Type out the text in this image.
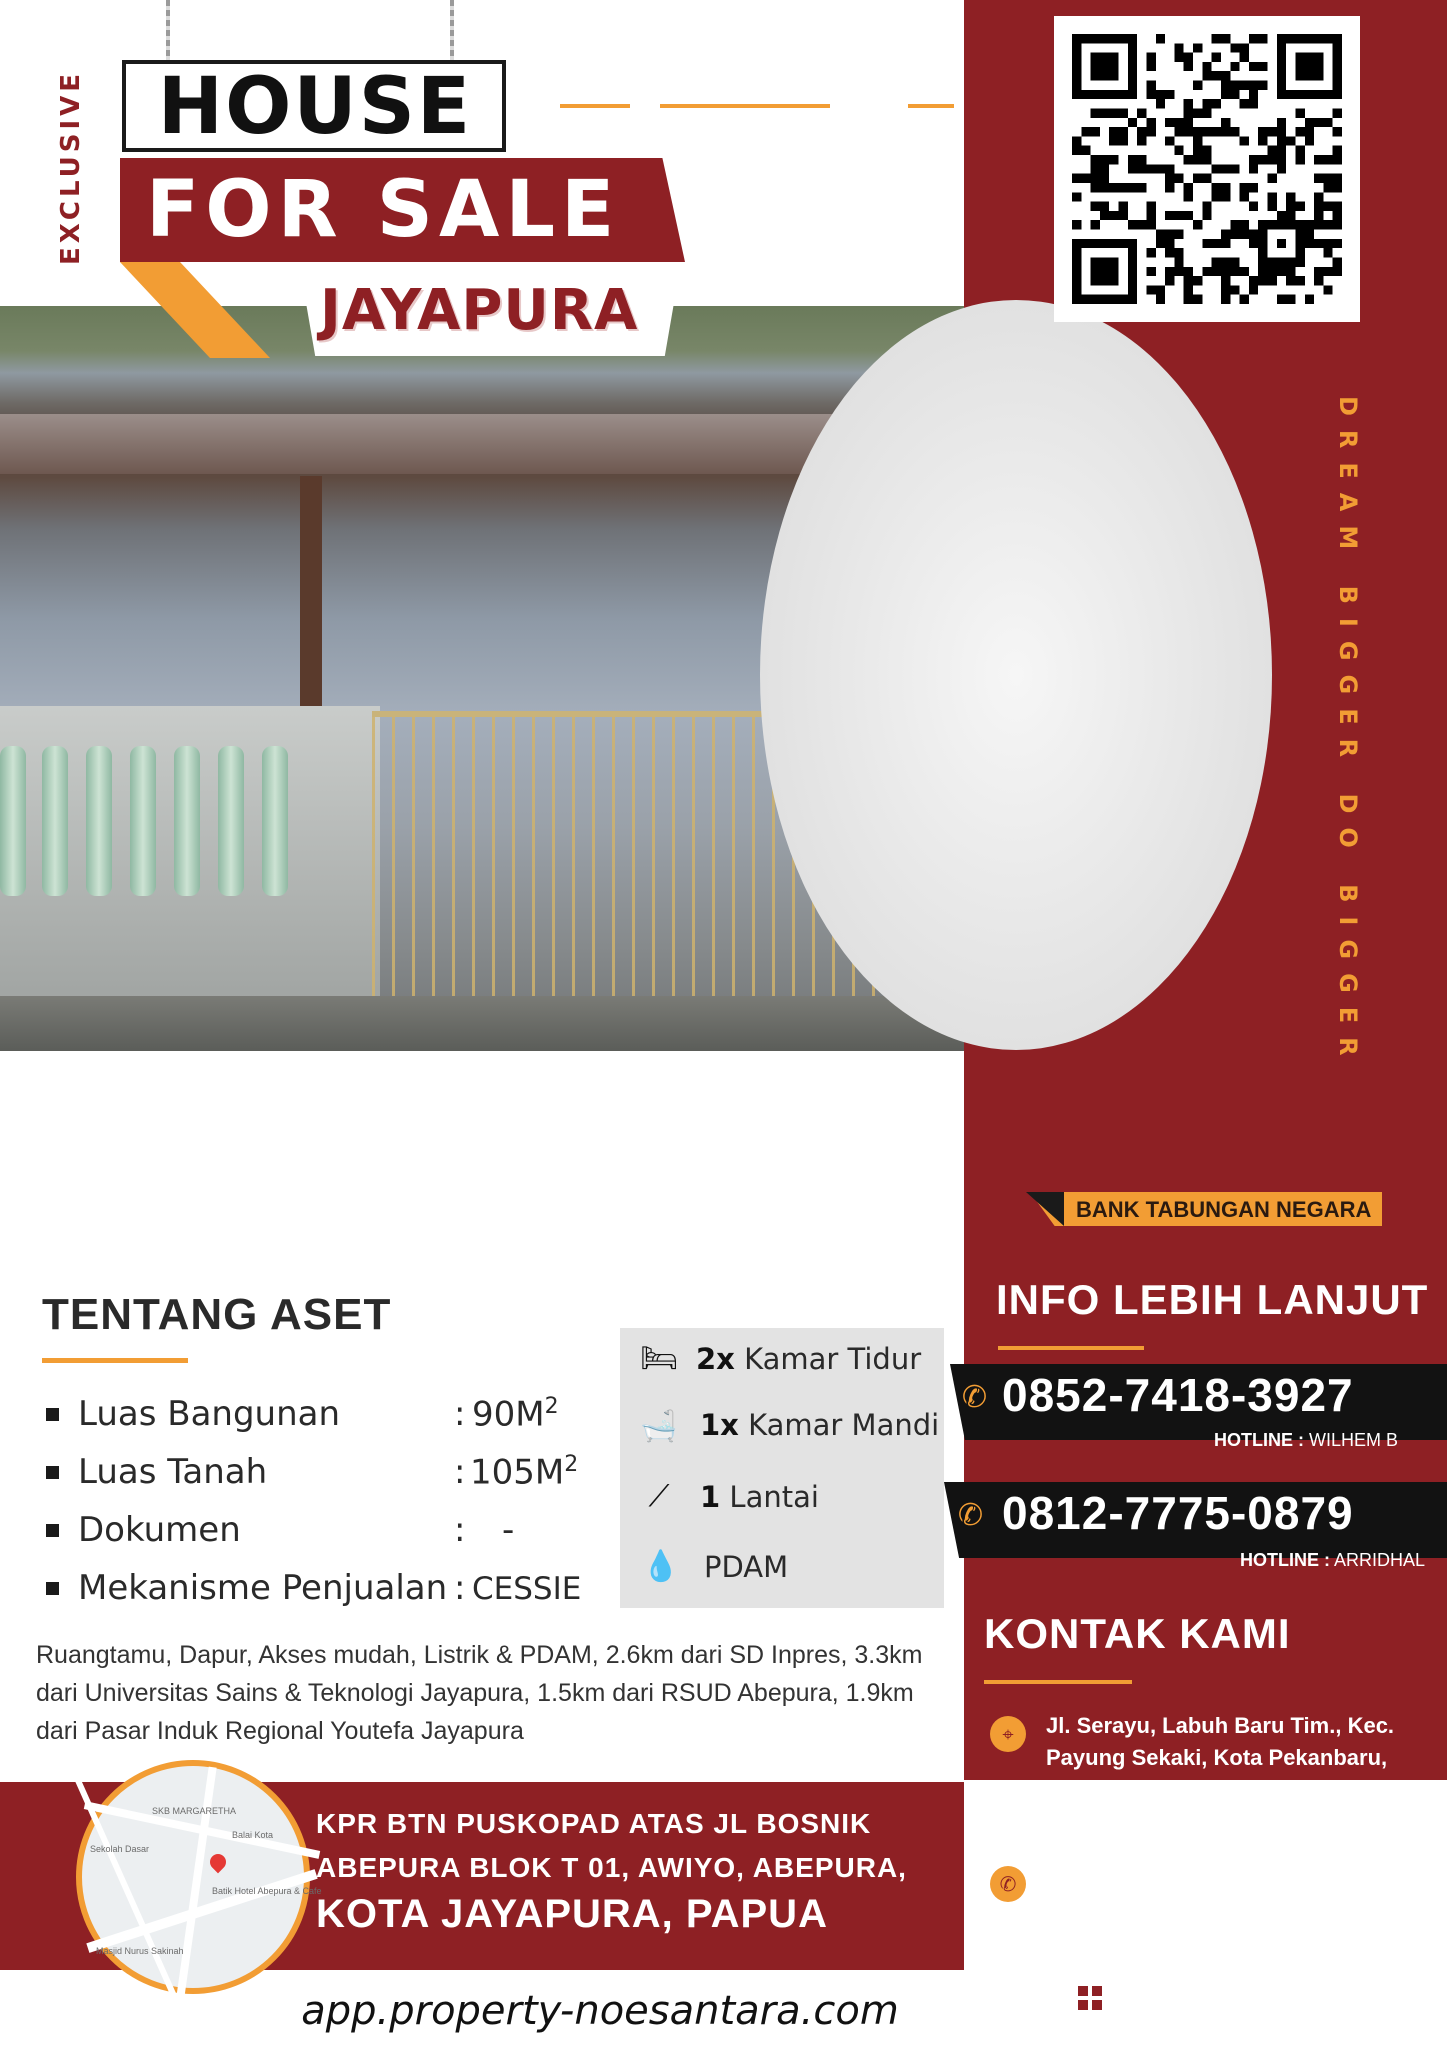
HOUSE
EXCLUSIVE FOR SALE
JAYAPURA
DREAM BIGGER DO BIGGER
BANK TABUNGAN NEGARA
INFO LEBIH LANJUT
✆ 0852-7418-3927
HOTLINE : WILHEM B
✆ 0812-7775-0879
HOTLINE : ARRIDHAL
KONTAK KAMI
⌖	Jl. Serayu, Labuh Baru Tim., Kec. Payung Sekaki, Kota Pekanbaru, Riau 28156
✆	(0761) 8410118
NOESANTARA
PROPERTY
TENTANG ASET
Luas Bangunan	: $90M^2$
Luas Tanah	: $105M^2$
Dokumen	: -
Mekanisme Penjualan : CESSIE
🛏 2x Kamar Tidur
🛁 1x Kamar Mandi
⟋	1 Lantai
💧 PDAM
Ruangtamu, Dapur, Akses mudah, Listrik & PDAM, 2.6km dari SD Inpres, 3.3km dari Universitas Sains & Teknologi Jayapura, 1.5km dari RSUD Abepura, 1.9km dari Pasar Induk Regional Youtefa Jayapura
SKB MARGARETHA
Sekolah Dasar
Masjid Nurus Sakinah
Balai Kota
Batik Hotel Abepura & Cafe
KPR BTN PUSKOPAD ATAS JL BOSNIK
ABEPURA BLOK T 01, AWIYO, ABEPURA,
KOTA JAYAPURA, PAPUA
app.property-noesantara.com
